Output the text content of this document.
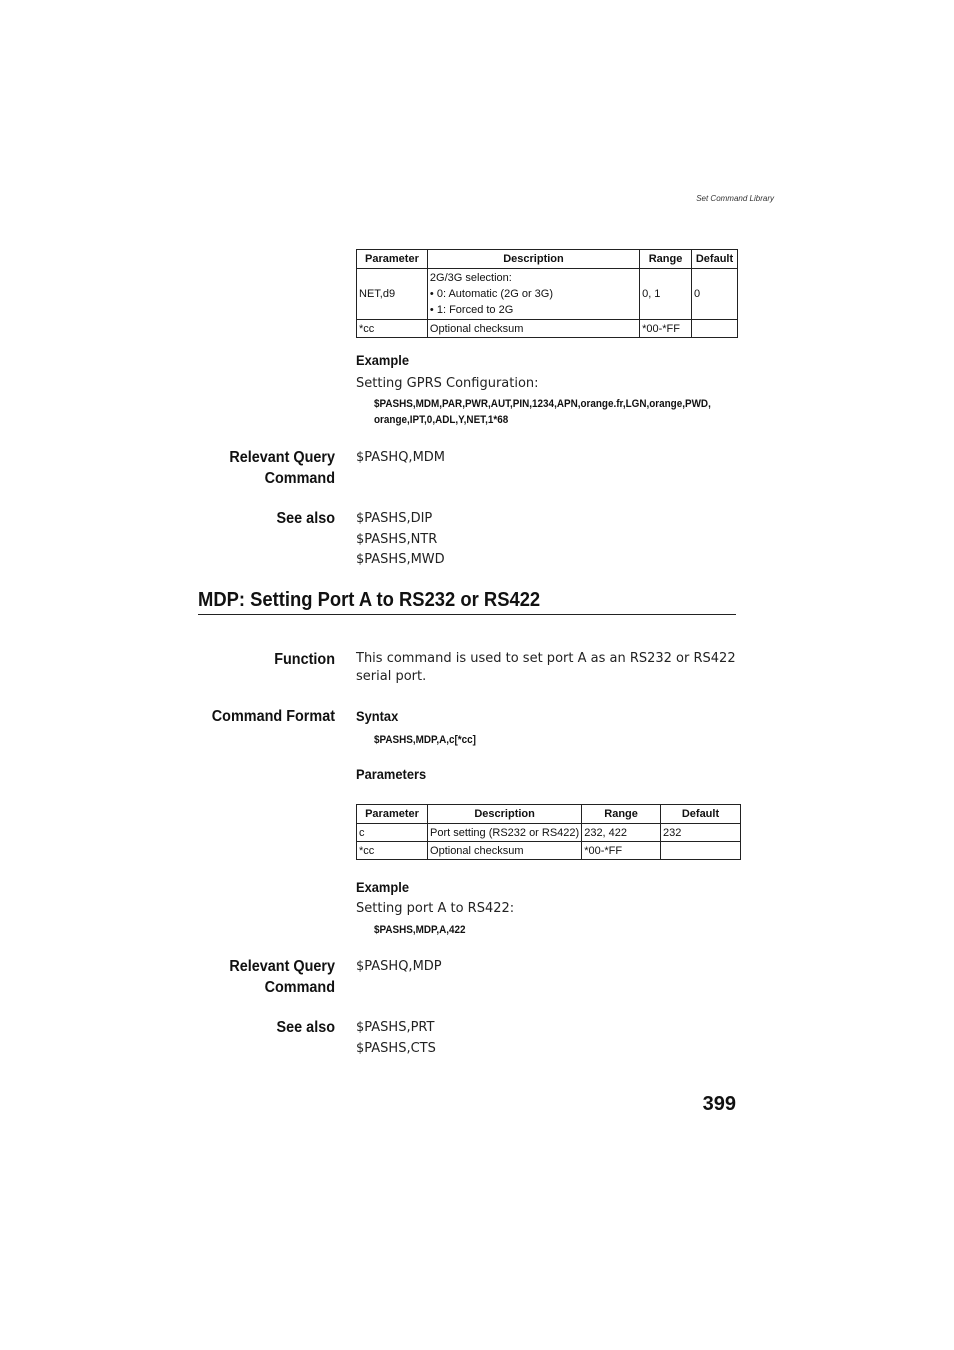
Set Command Library
Parameter	Description	Range	Default
NET,d9	2G/3G selection:
• 0: Automatic (2G or 3G)
• 1: Forced to 2G	0, 1	0
*cc	Optional checksum	*00-*FF	
Example
Setting GPRS Configuration:
$PASHS,MDM,PAR,PWR,AUT,PIN,1234,APN,orange.fr,LGN,orange,PWD,
orange,IPT,0,ADL,Y,NET,1*68
Relevant Query
Command
$PASHQ,MDM
See also $PASHS,DIP
$PASHS,NTR
$PASHS,MWD
MDP: Setting Port A to RS232 or RS422
Function This command is used to set port A as an RS232 or RS422
serial port.
Command Format Syntax
$PASHS,MDP,A,c[*cc]
Parameters
Parameter	Description	Range	Default
c	Port setting (RS232 or RS422)	232, 422	232
*cc	Optional checksum	*00-*FF	
Example
Setting port A to RS422:
$PASHS,MDP,A,422
Relevant Query
Command
$PASHQ,MDP
See also $PASHS,PRT
$PASHS,CTS
399
